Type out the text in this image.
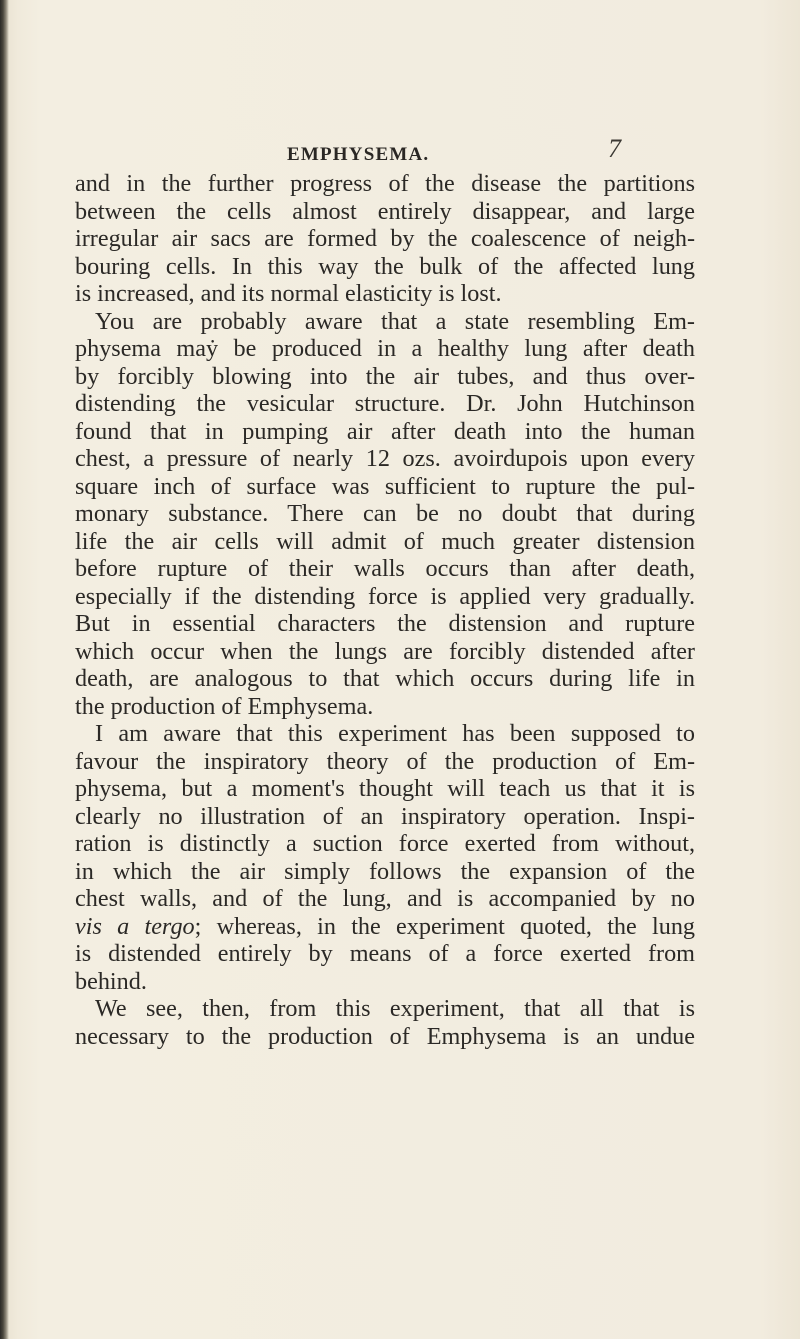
EMPHYSEMA.	7
and in the further progress of the disease the partitions
between the cells almost entirely disappear, and large
irregular air sacs are formed by the coalescence of neigh-
bouring cells. In this way the bulk of the affected lung
is increased, and its normal elasticity is lost.
You are probably aware that a state resembling Em-
physema maẏ be produced in a healthy lung after death
by forcibly blowing into the air tubes, and thus over-
distending the vesicular structure. Dr. John Hutchinson
found that in pumping air after death into the human
chest, a pressure of nearly 12 ozs. avoirdupois upon every
square inch of surface was sufficient to rupture the pul-
monary substance. There can be no doubt that during
life the air cells will admit of much greater distension
before rupture of their walls occurs than after death,
especially if the distending force is applied very gradually.
But in essential characters the distension and rupture
which occur when the lungs are forcibly distended after
death, are analogous to that which occurs during life in
the production of Emphysema.
I am aware that this experiment has been supposed to
favour the inspiratory theory of the production of Em-
physema, but a moment's thought will teach us that it is
clearly no illustration of an inspiratory operation. Inspi-
ration is distinctly a suction force exerted from without,
in which the air simply follows the expansion of the
chest walls, and of the lung, and is accompanied by no
vis a tergo; whereas, in the experiment quoted, the lung
is distended entirely by means of a force exerted from
behind.
We see, then, from this experiment, that all that is
necessary to the production of Emphysema is an undue
